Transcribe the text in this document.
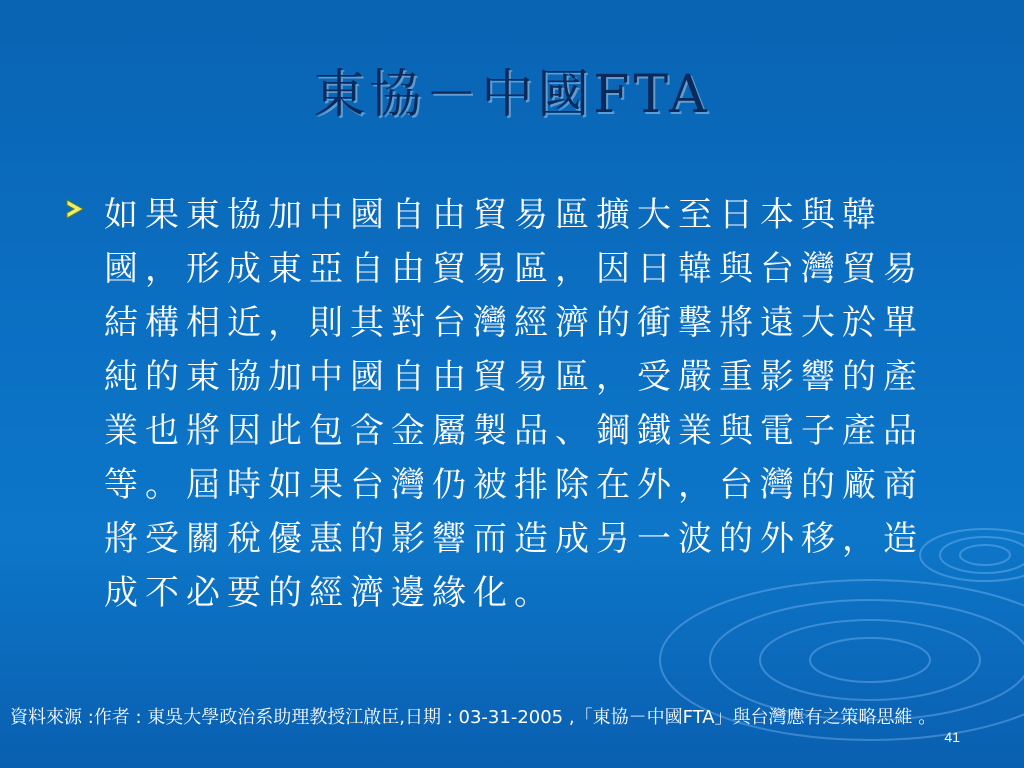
東協－中國FTA
如果東協加中國自由貿易區擴大至日本與韓國，形成東亞自由貿易區，因日韓與台灣貿易結構相近，則其對台灣經濟的衝擊將遠大於單純的東協加中國自由貿易區，受嚴重影響的產業也將因此包含金屬製品、鋼鐵業與電子產品等。屆時如果台灣仍被排除在外，台灣的廠商將受關稅優惠的影響而造成另一波的外移，造成不必要的經濟邊緣化。
資料來源 :作者 : 東吳大學政治系助理教授江啟臣,日期 : 03-31-2005 ,「東協－中國FTA」與台灣應有之策略思維 。
41
